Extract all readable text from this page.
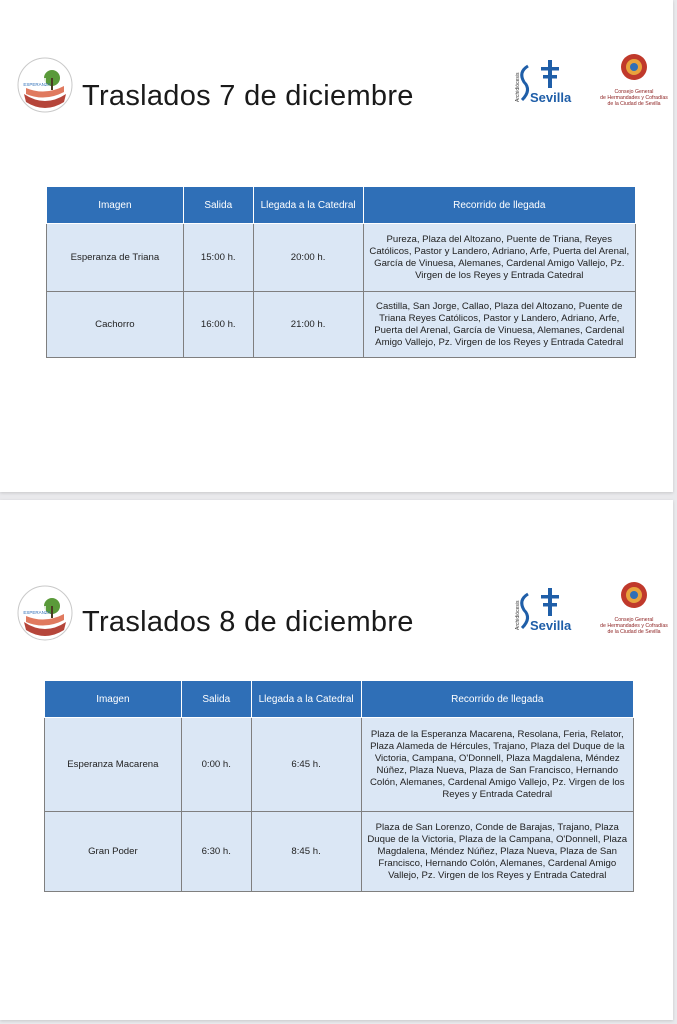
ESPERANZA Traslados 7 de diciembre	Archidiócesis Sevilla	Consejo General
de Hermandades y Cofradías
de la Ciudad de Sevilla
Imagen	Salida	Llegada a la Catedral	Recorrido de llegada
Esperanza de Triana	15:00 h.	20:00 h.	Pureza, Plaza del Altozano, Puente de Triana, Reyes Católicos, Pastor y Landero, Adriano, Arfe, Puerta del Arenal, García de Vinuesa, Alemanes, Cardenal Amigo Vallejo, Pz. Virgen de los Reyes y Entrada Catedral
Cachorro	16:00 h.	21:00 h.	Castilla, San Jorge, Callao, Plaza del Altozano, Puente de Triana Reyes Católicos, Pastor y Landero, Adriano, Arfe, Puerta del Arenal, García de Vinuesa, Alemanes, Cardenal Amigo Vallejo, Pz. Virgen de los Reyes y Entrada Catedral
ESPERANZA Traslados 8 de diciembre	Archidiócesis Sevilla	Consejo General
de Hermandades y Cofradías
de la Ciudad de Sevilla
Imagen	Salida	Llegada a la Catedral	Recorrido de llegada
Esperanza Macarena	0:00 h.	6:45 h.	Plaza de la Esperanza Macarena, Resolana, Feria, Relator, Plaza Alameda de Hércules, Trajano, Plaza del Duque de la Victoria, Campana, O'Donnell, Plaza Magdalena, Méndez Núñez, Plaza Nueva, Plaza de San Francisco, Hernando Colón, Alemanes, Cardenal Amigo Vallejo, Pz. Virgen de los Reyes y Entrada Catedral
Gran Poder	6:30 h.	8:45 h.	Plaza de San Lorenzo, Conde de Barajas, Trajano, Plaza Duque de la Victoria, Plaza de la Campana, O'Donnell, Plaza Magdalena, Méndez Núñez, Plaza Nueva, Plaza de San Francisco, Hernando Colón, Alemanes, Cardenal Amigo Vallejo, Pz. Virgen de los Reyes y Entrada Catedral
